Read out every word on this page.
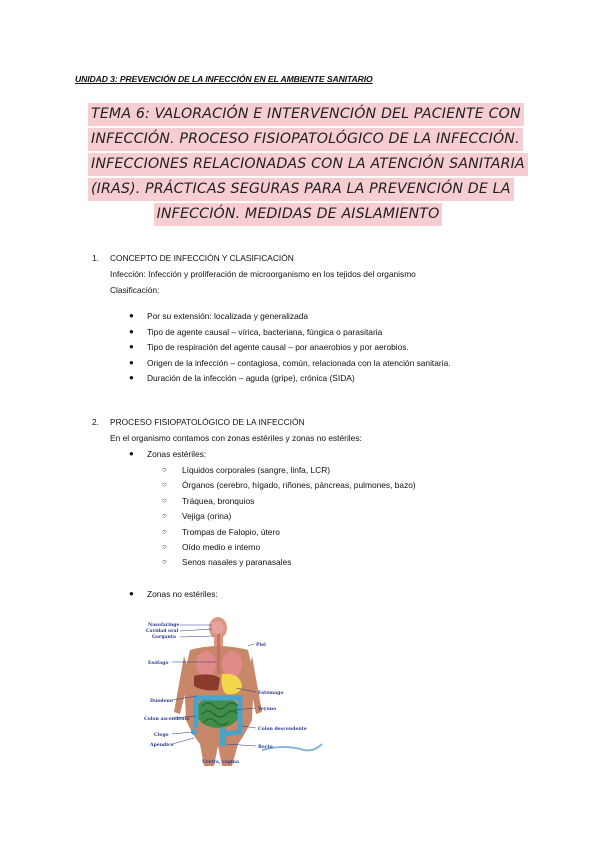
UNIDAD 3: PREVENCIÓN DE LA INFECCIÓN EN EL AMBIENTE SANITARIO
TEMA 6: VALORACIÓN E INTERVENCIÓN DEL PACIENTE CON
INFECCIÓN. PROCESO FISIOPATOLÓGICO DE LA INFECCIÓN.
INFECCIONES RELACIONADAS CON LA ATENCIÓN SANITARIA
(IRAS). PRÁCTICAS SEGURAS PARA LA PREVENCIÓN DE LA
INFECCIÓN. MEDIDAS DE AISLAMIENTO
1. CONCEPTO DE INFECCIÓN Y CLASIFICACIÓN
Infección: Infección y proliferación de microorganismo en los tejidos del organismo
Clasificación:
● Por su extensión: localizada y generalizada
● Tipo de agente causal – vírica, bacteriana, fúngica o parasitaria
● Tipo de respiración del agente causal – por anaerobios y por aerobios.
● Origen de la infección – contagiosa, común, relacionada con la atención sanitaria.
● Duración de la infección – aguda (gripe), crónica (SIDA)
2. PROCESO FISIOPATOLÓGICO DE LA INFECCIÓN
En el organismo contamos con zonas estériles y zonas no estériles:
● Zonas estériles:
○ Líquidos corporales (sangre, linfa, LCR)
○ Órganos (cerebro, hígado, riñones, páncreas, pulmones, bazo)
○ Tráquea, bronquios
○ Vejiga (orina)
○ Trompas de Falopio, útero
○ Oído medio e interno
○ Senos nasales y paranasales
● Zonas no estériles:
Nasofaringe
Cavidad oral
Garganta
Piel
Esófago
Estómago
Duodeno
Yeyuno
Colon ascendente
Colon descendente
Ciego
Apéndice	Recto
Uretra, vagina
